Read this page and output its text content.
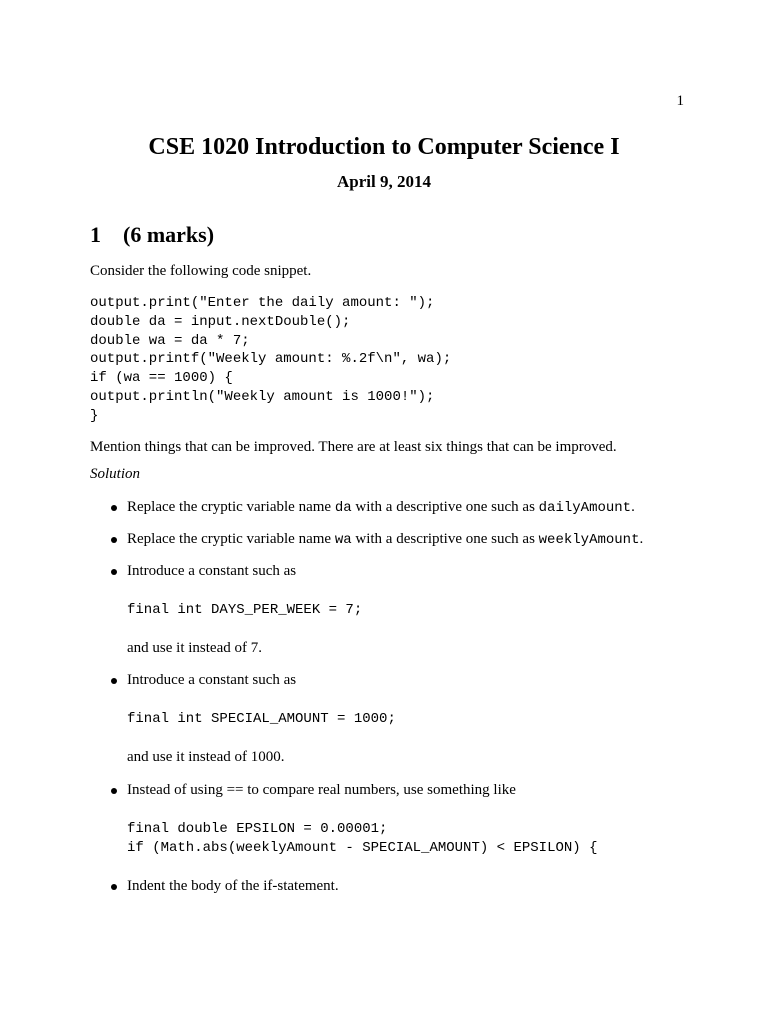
1
CSE 1020 Introduction to Computer Science I
April 9, 2014
1 (6 marks)
Consider the following code snippet.
output.print("Enter the daily amount: ");
double da = input.nextDouble();
double wa = da * 7;
output.printf("Weekly amount: %.2f\n", wa);
if (wa == 1000) {
output.println("Weekly amount is 1000!");
}
Mention things that can be improved. There are at least six things that can be improved.
Solution
Replace the cryptic variable name da with a descriptive one such as dailyAmount.
Replace the cryptic variable name wa with a descriptive one such as weeklyAmount.
Introduce a constant such as
final int DAYS_PER_WEEK = 7;
and use it instead of 7.
Introduce a constant such as
final int SPECIAL_AMOUNT = 1000;
and use it instead of 1000.
Instead of using == to compare real numbers, use something like
final double EPSILON = 0.00001;
if (Math.abs(weeklyAmount - SPECIAL_AMOUNT) < EPSILON) {
Indent the body of the if-statement.
